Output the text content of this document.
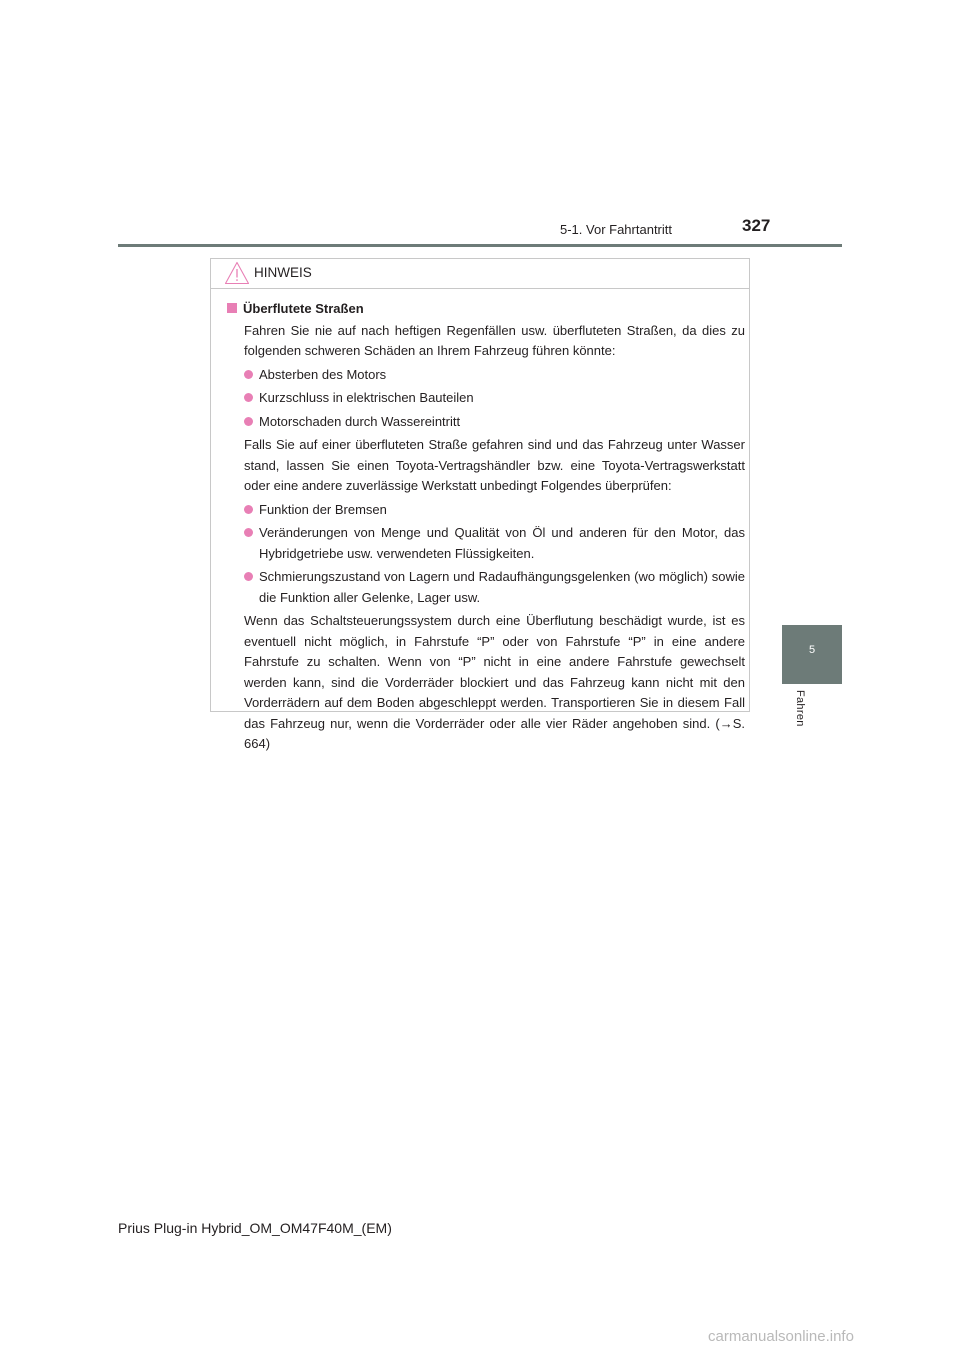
5-1. Vor Fahrtantritt	327
5
Fahren
HINWEIS
Überflutete Straßen
Fahren Sie nie auf nach heftigen Regenfällen usw. überfluteten Straßen, da dies zu folgenden schweren Schäden an Ihrem Fahrzeug führen könnte:
Absterben des Motors
Kurzschluss in elektrischen Bauteilen
Motorschaden durch Wassereintritt
Falls Sie auf einer überfluteten Straße gefahren sind und das Fahrzeug unter Wasser stand, lassen Sie einen Toyota-Vertragshändler bzw. eine Toyota-Vertragswerkstatt oder eine andere zuverlässige Werkstatt unbedingt Folgendes überprüfen:
Funktion der Bremsen
Veränderungen von Menge und Qualität von Öl und anderen für den Motor, das Hybridgetriebe usw. verwendeten Flüssigkeiten.
Schmierungszustand von Lagern und Radaufhängungsgelenken (wo möglich) sowie die Funktion aller Gelenke, Lager usw.
Wenn das Schaltsteuerungssystem durch eine Überflutung beschädigt wurde, ist es eventuell nicht möglich, in Fahrstufe “P” oder von Fahrstufe “P” in eine andere Fahrstufe zu schalten. Wenn von “P” nicht in eine andere Fahrstufe gewechselt werden kann, sind die Vorderräder blockiert und das Fahrzeug kann nicht mit den Vorderrädern auf dem Boden abgeschleppt werden. Transportieren Sie in diesem Fall das Fahrzeug nur, wenn die Vorderräder oder alle vier Räder angehoben sind. (→S. 664)
Prius Plug-in Hybrid_OM_OM47F40M_(EM)
carmanualsonline.info
